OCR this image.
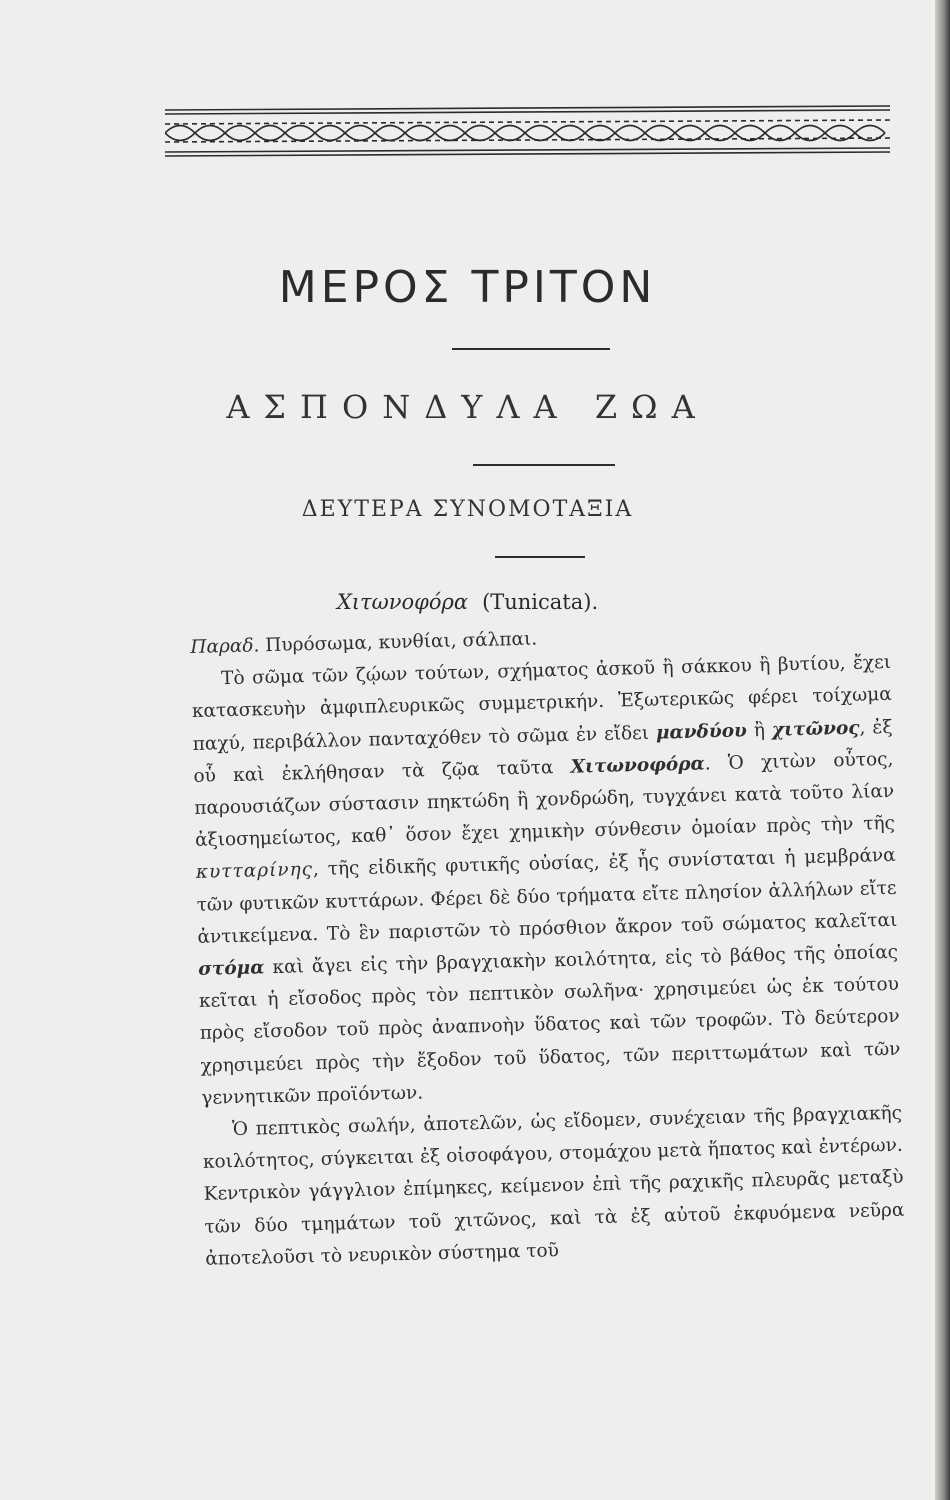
ΜΕΡΟΣ ΤΡΙΤΟΝ
ΑΣΠΟΝΔΥΛΑ ΖΩΑ
ΔΕΥΤΕΡΑ ΣΥΝΟΜΟΤΑΞΙΑ
Χιτωνοφόρα (Tunicata).

Παραδ. Πυρόσωμα, κυνθίαι, σάλπαι.

Τὸ σῶμα τῶν ζῴων τούτων, σχήματος ἀσκοῦ ἢ σάκκου ἢ βυτίου, ἔχει κατασκευὴν ἀμφιπλευρικῶς συμμετρικήν. Ἐξωτερικῶς φέρει τοίχωμα παχύ, περιβάλλον πανταχόθεν τὸ σῶμα ἐν εἴδει μανδύου ἢ χιτῶνος, ἐξ οὗ καὶ ἐκλήθησαν τὰ ζῷα ταῦτα Χιτωνοφόρα. Ὁ χιτὼν οὗτος, παρουσιάζων σύστασιν πηκτώδη ἢ χονδρώδη, τυγχάνει κατὰ τοῦτο λίαν ἀξιοσημείωτος, καθ᾽ ὅσον ἔχει χημικὴν σύνθεσιν ὁμοίαν πρὸς τὴν τῆς κυτταρίνης, τῆς εἰδικῆς φυτικῆς οὐσίας, ἐξ ἧς συνίσταται ἡ μεμβράνα τῶν φυτικῶν κυττάρων. Φέρει δὲ δύο τρήματα εἴτε πλησίον ἀλλήλων εἴτε ἀντικείμενα. Τὸ ἓν παριστῶν τὸ πρόσθιον ἄκρον τοῦ σώματος καλεῖται στόμα καὶ ἄγει εἰς τὴν βραγχιακὴν κοιλότητα, εἰς τὸ βάθος τῆς ὁποίας κεῖται ἡ εἴσοδος πρὸς τὸν πεπτικὸν σωλῆνα· χρησιμεύει ὡς ἐκ τούτου πρὸς εἴσοδον τοῦ πρὸς ἀναπνοὴν ὕδατος καὶ τῶν τροφῶν. Τὸ δεύτερον χρησιμεύει πρὸς τὴν ἔξοδον τοῦ ὕδατος, τῶν περιττωμάτων καὶ τῶν γεννητικῶν προϊόντων.

Ὁ πεπτικὸς σωλήν, ἀποτελῶν, ὡς εἴδομεν, συνέχειαν τῆς βραγχιακῆς κοιλότητος, σύγκειται ἐξ οἰσοφάγου, στομάχου μετὰ ἥπατος καὶ ἐντέρων. Κεντρικὸν γάγγλιον ἐπίμηκες, κείμενον ἐπὶ τῆς ραχικῆς πλευρᾶς μεταξὺ τῶν δύο τμημάτων τοῦ χιτῶνος, καὶ τὰ ἐξ αὐτοῦ ἐκφυόμενα νεῦρα ἀποτελοῦσι τὸ νευρικὸν σύστημα τοῦ
